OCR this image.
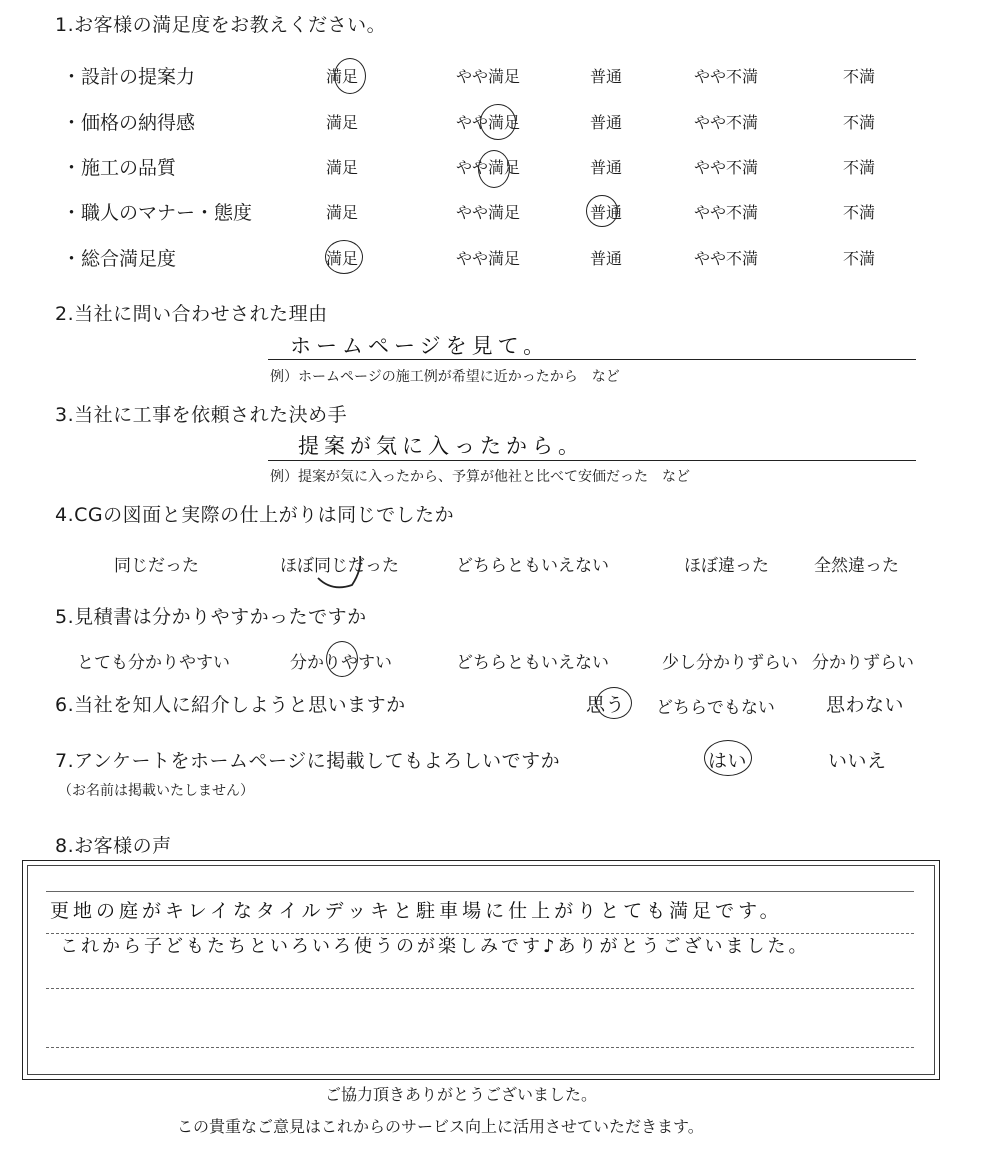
1.お客様の満足度をお教えください。
・設計の提案力	満足	やや満足	普通	やや不満	不満
・価格の納得感	満足	やや満足	普通	やや不満	不満
・施工の品質	満足	やや満足	普通	やや不満	不満
・職人のマナー・態度	満足	やや満足	普通	やや不満	不満
・総合満足度	満足	やや満足	普通	やや不満	不満
2.当社に問い合わせされた理由
ホームページを見て。
例）ホームページの施工例が希望に近かったから　など
3.当社に工事を依頼された決め手
提案が気に入ったから。
例）提案が気に入ったから、予算が他社と比べて安価だった　など
4.CGの図面と実際の仕上がりは同じでしたか
同じだった	ほぼ同じだった	どちらともいえない	ほぼ違った	全然違った
5.見積書は分かりやすかったですか
とても分かりやすい	分かりやすい	どちらともいえない	少し分かりずらい 分かりずらい
6.当社を知人に紹介しようと思いますか	思う どちらでもない	思わない
7.アンケートをホームページに掲載してもよろしいですか
（お名前は掲載いたしません）
はい	いいえ
8.お客様の声
更地の庭がキレイなタイルデッキと駐車場に仕上がりとても満足です。
これから子どもたちといろいろ使うのが楽しみです♪ありがとうございました。
ご協力頂きありがとうございました。
この貴重なご意見はこれからのサービス向上に活用させていただきます。
